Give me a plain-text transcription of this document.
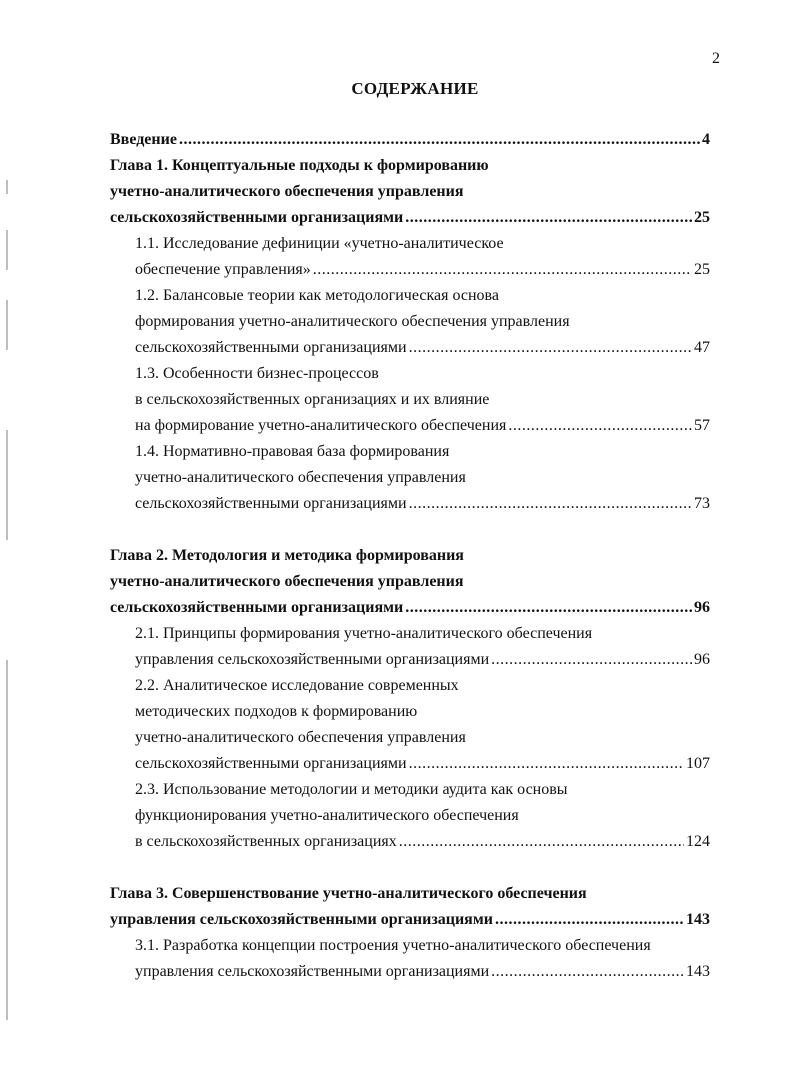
2
СОДЕРЖАНИЕ
Введение .....	4
Глава 1. Концептуальные подходы к формированию
учетно-аналитического обеспечения управления
сельскохозяйственными организациями .....	25
1.1. Исследование дефиниции «учетно-аналитическое
обеспечение управления» .....	25
1.2. Балансовые теории как методологическая основа
формирования учетно-аналитического обеспечения управления
сельскохозяйственными организациями .....	47
1.3. Особенности бизнес-процессов
в сельскохозяйственных организациях и их влияние
на формирование учетно-аналитического обеспечения .....	57
1.4. Нормативно-правовая база формирования
учетно-аналитического обеспечения управления
сельскохозяйственными организациями .....	73
Глава 2. Методология и методика формирования
учетно-аналитического обеспечения управления
сельскохозяйственными организациями .....	96
2.1. Принципы формирования учетно-аналитического обеспечения
управления сельскохозяйственными организациями .....	96
2.2. Аналитическое исследование современных
методических подходов к формированию
учетно-аналитического обеспечения управления
сельскохозяйственными организациями .....	107
2.3. Использование методологии и методики аудита как основы
функционирования учетно-аналитического обеспечения
в сельскохозяйственных организациях .....	124
Глава 3. Совершенствование учетно-аналитического обеспечения
управления сельскохозяйственными организациями .....	143
3.1. Разработка концепции построения учетно-аналитического обеспечения
управления сельскохозяйственными организациями .....	143
